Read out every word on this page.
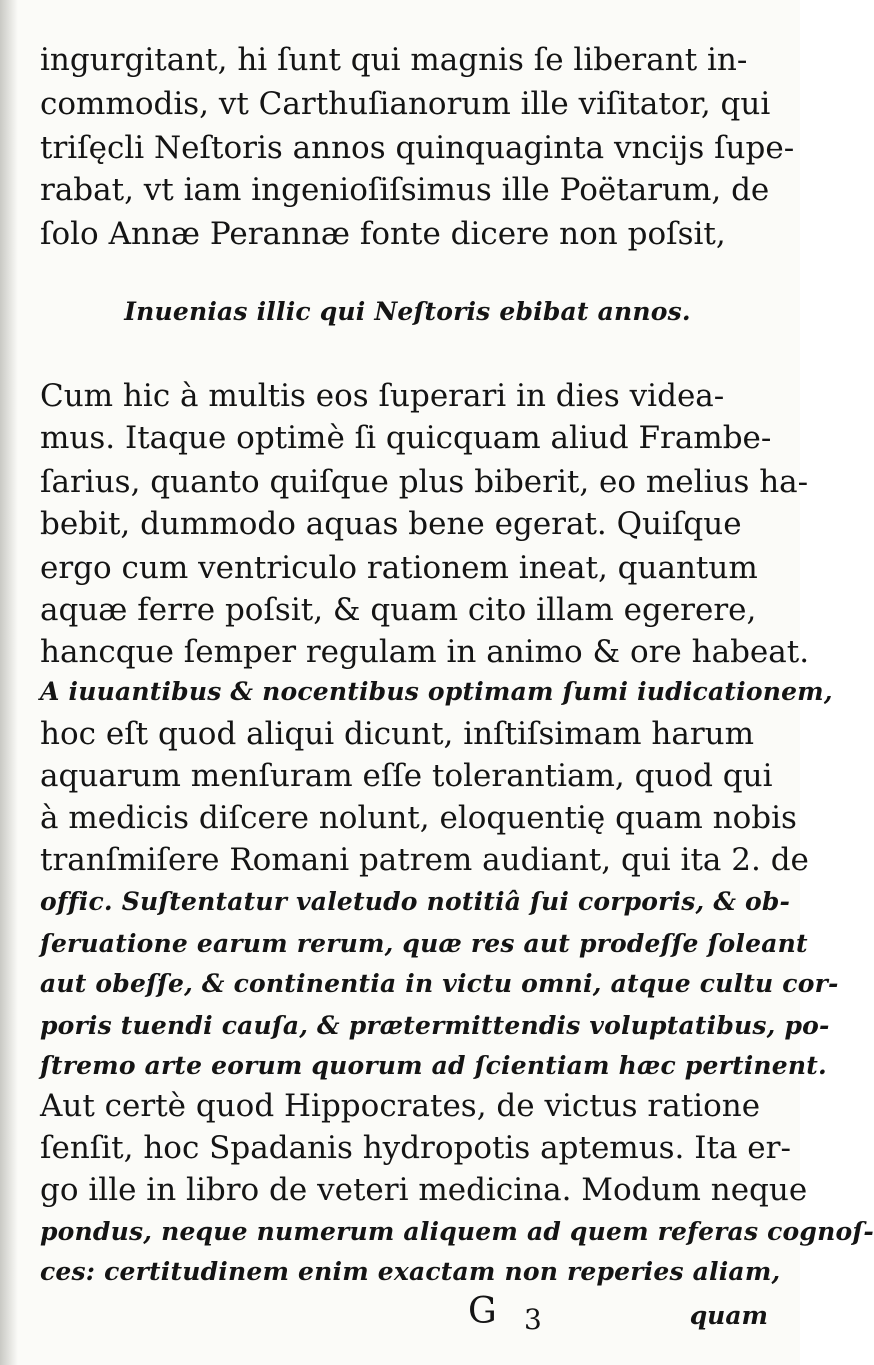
ingurgitant, hi ſunt qui magnis ſe liberant in-
commodis, vt Carthuſianorum ille viſitator, qui
triſęcli Neſtoris annos quinquaginta vncijs ſupe-
rabat, vt iam ingenioſiſsimus ille Poëtarum, de
ſolo Annæ Perannæ fonte dicere non poſsit,
Inuenias illic qui Neſtoris ebibat annos.
Cum hic à multis eos ſuperari in dies videa-
mus. Itaque optimè ſi quicquam aliud Frambe-
ſarius, quanto quiſque plus biberit, eo melius ha-
bebit, dummodo aquas bene egerat. Quiſque
ergo cum ventriculo rationem ineat, quantum
aquæ ferre poſsit, & quam cito illam egerere,
hancque ſemper regulam in animo & ore habeat.
A iuuantibus & nocentibus optimam ſumi iudicationem,
hoc eſt quod aliqui dicunt, inſtiſsimam harum
aquarum menſuram eſſe tolerantiam, quod qui
à medicis diſcere nolunt, eloquentię quam nobis
tranſmiſere Romani patrem audiant, qui ita 2. de
offic. Suſtentatur valetudo notitiâ ſui corporis, & ob-
ſeruatione earum rerum, quæ res aut prodeſſe ſoleant
aut obeſſe, & continentia in victu omni, atque cultu cor-
poris tuendi cauſa, & prætermittendis voluptatibus, po-
ſtremo arte eorum quorum ad ſcientiam hæc pertinent.
Aut certè quod Hippocrates, de victus ratione
ſenſit, hoc Spadanis hydropotis aptemus. Ita er-
go ille in libro de veteri medicina. Modum neque
pondus, neque numerum aliquem ad quem referas cognoſ-
ces: certitudinem enim exactam non reperies aliam,
G 3	quam
